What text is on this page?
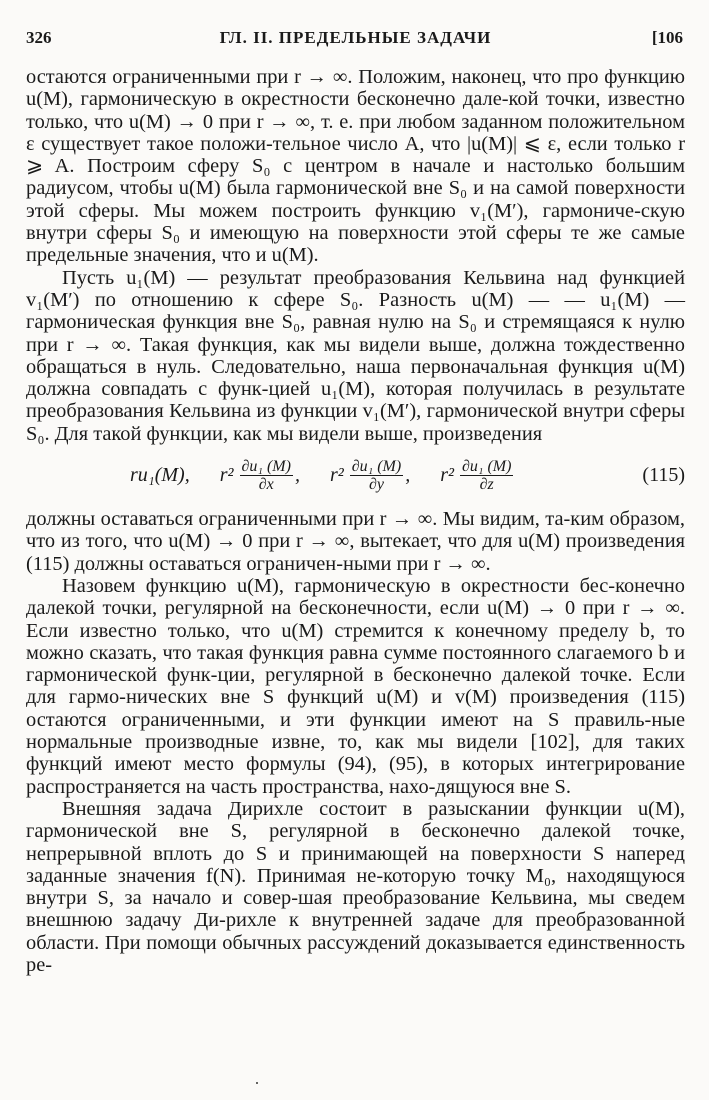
326	ГЛ. II. ПРЕДЕЛЬНЫЕ ЗАДАЧИ	[106

остаются ограниченными при r → ∞. Положим, наконец, что про функцию u(M), гармоническую в окрестности бесконечно дале-кой точки, известно только, что u(M) → 0 при r → ∞, т. е. при любом заданном положительном ε существует такое положи-тельное число A, что |u(M)| ⩽ ε, если только r ⩾ A. Построим сферу S₀ с центром в начале и настолько большим радиусом, чтобы u(M) была гармонической вне S₀ и на самой поверхности этой сферы. Мы можем построить функцию v₁(M′), гармониче-скую внутри сферы S₀ и имеющую на поверхности этой сферы те же самые предельные значения, что и u(M).

Пусть u₁(M) — результат преобразования Кельвина над функцией v₁(M′) по отношению к сфере S₀. Разность u(M) — — u₁(M) — гармоническая функция вне S₀, равная нулю на S₀ и стремящаяся к нулю при r → ∞. Такая функция, как мы видели выше, должна тождественно обращаться в нуль. Следовательно, наша первоначальная функция u(M) должна совпадать с функ-цией u₁(M), которая получилась в результате преобразования Кельвина из функции v₁(M′), гармонической внутри сферы S₀. Для такой функции, как мы видели выше, произведения

ru₁(M), $r^2 \frac{\text{∂u₁ (M)}}{\partial x}$ , $r^2 \frac{\text{∂u₁ (M)}}{\partial y}$ , $r^2 \frac{\text{∂u₁ (M)}}{\partial z}$	(115)

должны оставаться ограниченными при r → ∞. Мы видим, та-ким образом, что из того, что u(M) → 0 при r → ∞, вытекает, что для u(M) произведения (115) должны оставаться ограничен-ными при r → ∞.

Назовем функцию u(M), гармоническую в окрестности бес-конечно далекой точки, регулярной на бесконечности, если u(M) → 0 при r → ∞. Если известно только, что u(M) стремится к конечному пределу b, то можно сказать, что такая функция равна сумме постоянного слагаемого b и гармонической функ-ции, регулярной в бесконечно далекой точке. Если для гармо-нических вне S функций u(M) и v(M) произведения (115) остаются ограниченными, и эти функции имеют на S правиль-ные нормальные производные извне, то, как мы видели [102], для таких функций имеют место формулы (94), (95), в которых интегрирование распространяется на часть пространства, нахо-дящуюся вне S.

Внешняя задача Дирихле состоит в разыскании функции u(M), гармонической вне S, регулярной в бесконечно далекой точке, непрерывной вплоть до S и принимающей на поверхности S наперед заданные значения f(N). Принимая не-которую точку M₀, находящуюся внутри S, за начало и совер-шая преобразование Кельвина, мы сведем внешнюю задачу Ди-рихле к внутренней задаче для преобразованной области. При помощи обычных рассуждений доказывается единственность ре-
